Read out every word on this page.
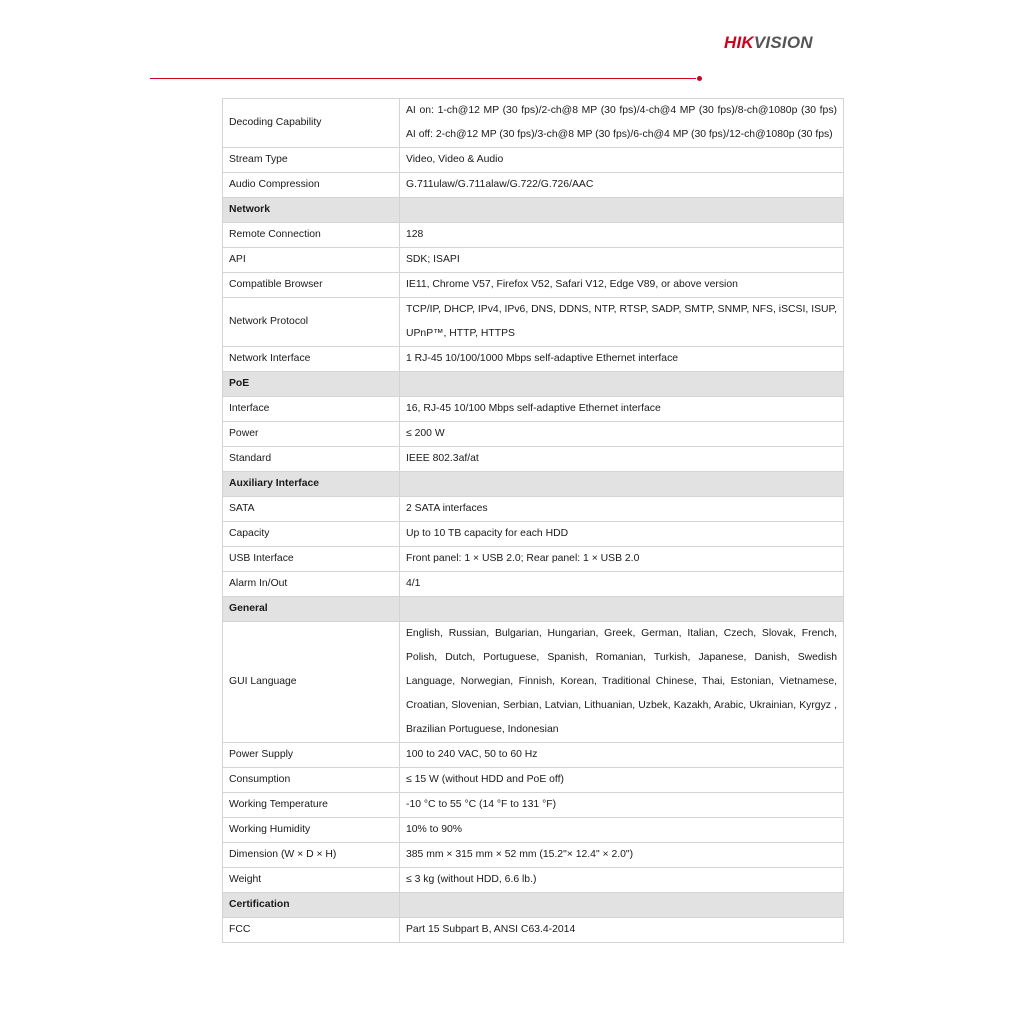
HIKVISION
Decoding Capability	AI on: 1-ch@12 MP (30 fps)/2-ch@8 MP (30 fps)/4-ch@4 MP (30 fps)/8-ch@1080p (30 fps) AI off: 2-ch@12 MP (30 fps)/3-ch@8 MP (30 fps)/6-ch@4 MP (30 fps)/12-ch@1080p (30 fps)
Stream Type	Video, Video & Audio
Audio Compression	G.711ulaw/G.711alaw/G.722/G.726/AAC
Network	
Remote Connection	128
API	SDK; ISAPI
Compatible Browser	IE11, Chrome V57, Firefox V52, Safari V12, Edge V89, or above version
Network Protocol	TCP/IP, DHCP, IPv4, IPv6, DNS, DDNS, NTP, RTSP, SADP, SMTP, SNMP, NFS, iSCSI, ISUP, UPnP™, HTTP, HTTPS
Network Interface	1 RJ-45 10/100/1000 Mbps self-adaptive Ethernet interface
PoE	
Interface	16, RJ-45 10/100 Mbps self-adaptive Ethernet interface
Power	≤ 200 W
Standard	IEEE 802.3af/at
Auxiliary Interface	
SATA	2 SATA interfaces
Capacity	Up to 10 TB capacity for each HDD
USB Interface	Front panel: 1 × USB 2.0; Rear panel: 1 × USB 2.0
Alarm In/Out	4/1
General	
GUI Language	English, Russian, Bulgarian, Hungarian, Greek, German, Italian, Czech, Slovak, French, Polish, Dutch, Portuguese, Spanish, Romanian, Turkish, Japanese, Danish, Swedish Language, Norwegian, Finnish, Korean, Traditional Chinese, Thai, Estonian, Vietnamese, Croatian, Slovenian, Serbian, Latvian, Lithuanian, Uzbek, Kazakh, Arabic, Ukrainian, Kyrgyz , Brazilian Portuguese, Indonesian
Power Supply	100 to 240 VAC, 50 to 60 Hz
Consumption	≤ 15 W (without HDD and PoE off)
Working Temperature	-10 °C to 55 °C (14 °F to 131 °F)
Working Humidity	10% to 90%
Dimension (W × D × H)	385 mm × 315 mm × 52 mm (15.2"× 12.4" × 2.0")
Weight	≤ 3 kg (without HDD, 6.6 lb.)
Certification	
FCC	Part 15 Subpart B, ANSI C63.4-2014
